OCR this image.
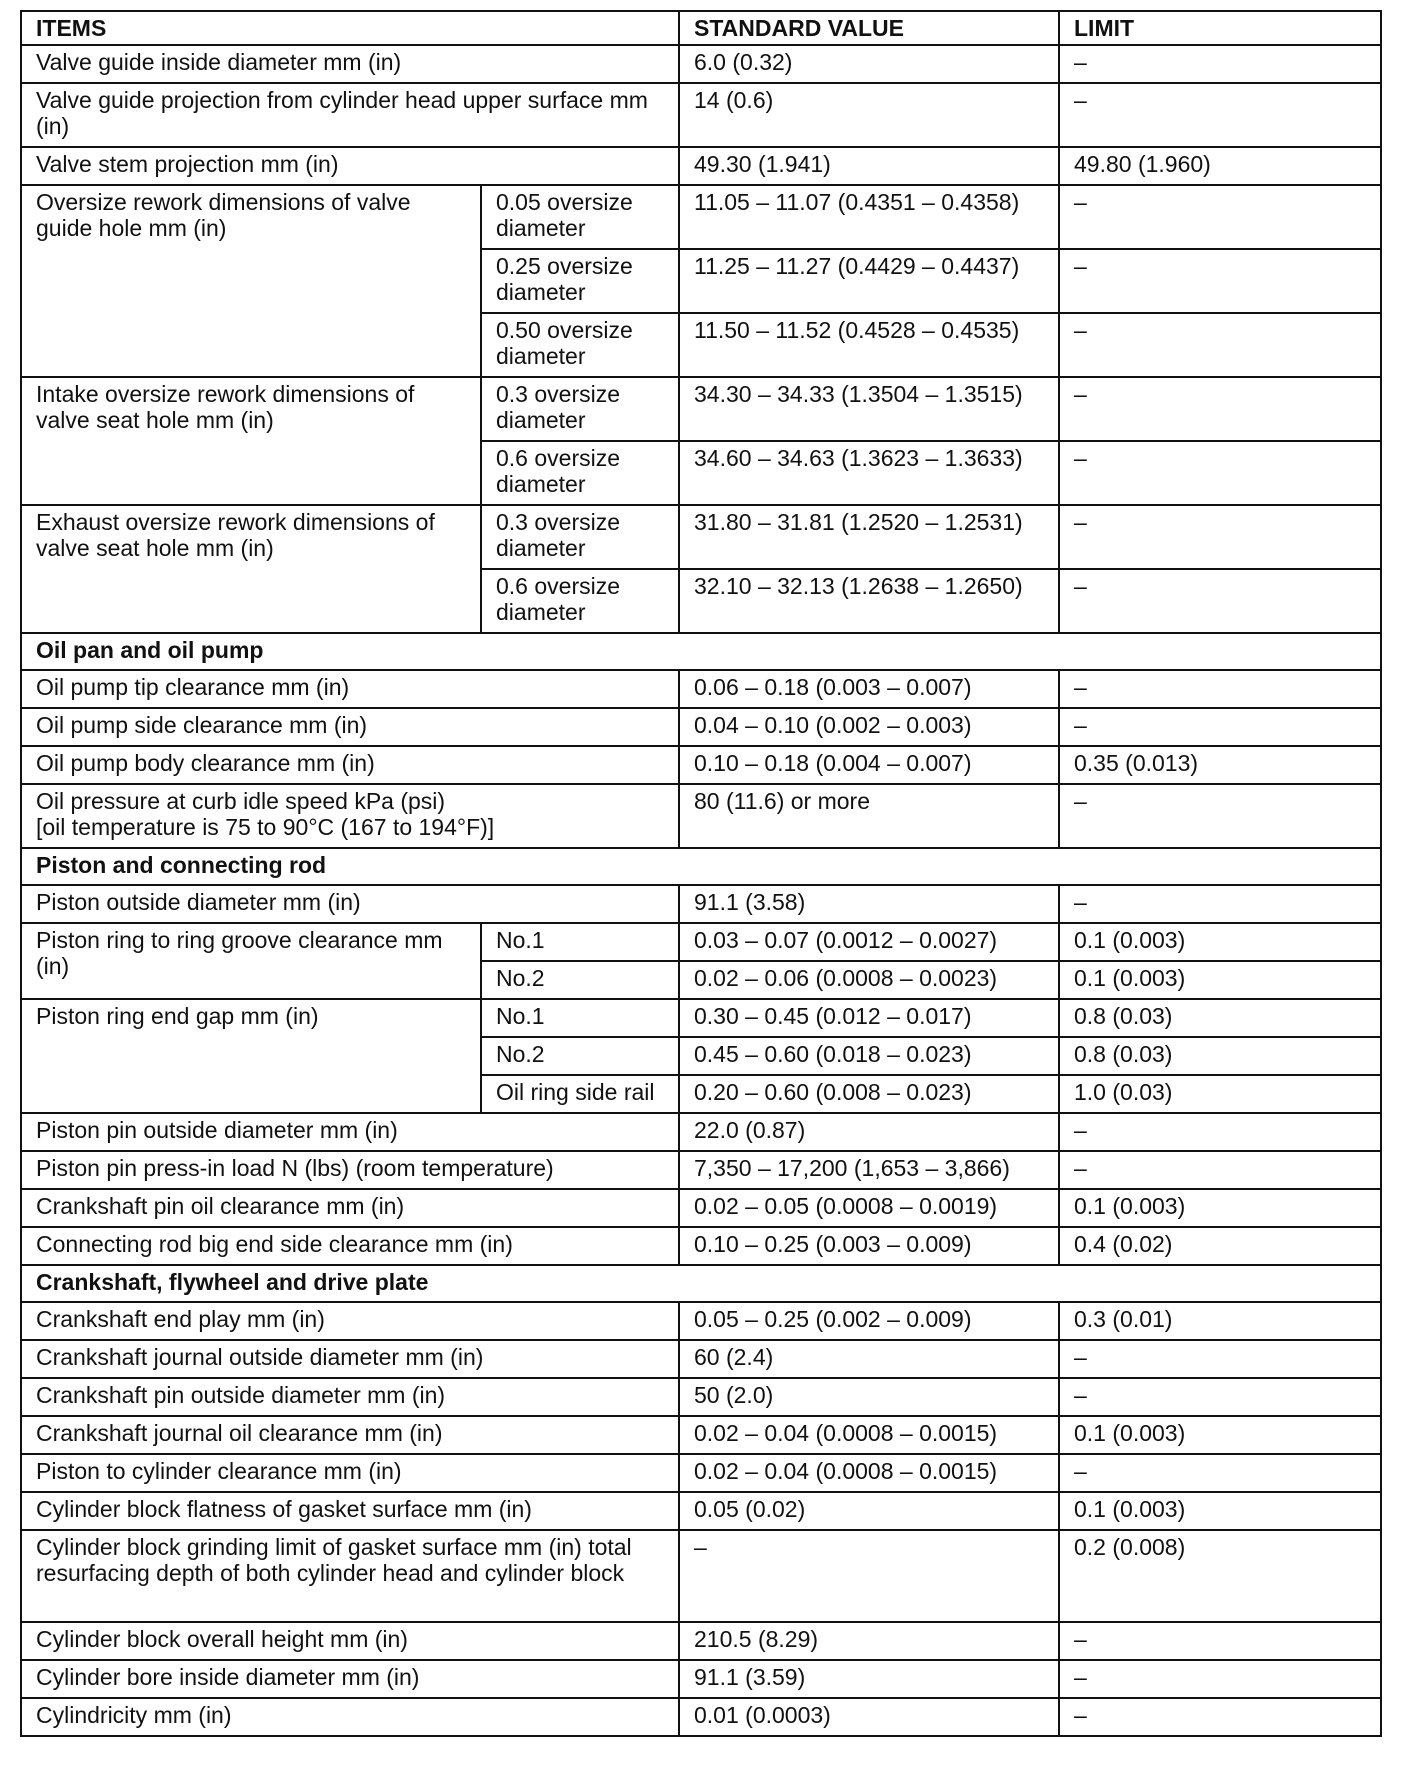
ITEMS		STANDARD VALUE	LIMIT
Valve guide inside diameter mm (in)		6.0 (0.32)	–
Valve guide projection from cylinder head upper surface mm (in)		14 (0.6)	–
Valve stem projection mm (in)		49.30 (1.941)	49.80 (1.960)
Oversize rework dimensions of valve guide hole mm (in)	0.05 oversize diameter	11.05 – 11.07 (0.4351 – 0.4358)	–
	0.25 oversize diameter	11.25 – 11.27 (0.4429 – 0.4437)	–
	0.50 oversize diameter	11.50 – 11.52 (0.4528 – 0.4535)	–
Intake oversize rework dimensions of valve seat hole mm (in)	0.3 oversize diameter	34.30 – 34.33 (1.3504 – 1.3515)	–
	0.6 oversize diameter	34.60 – 34.63 (1.3623 – 1.3633)	–
Exhaust oversize rework dimensions of valve seat hole mm (in)	0.3 oversize diameter	31.80 – 31.81 (1.2520 – 1.2531)	–
	0.6 oversize diameter	32.10 – 32.13 (1.2638 – 1.2650)	–
Oil pan and oil pump			
Oil pump tip clearance mm (in)		0.06 – 0.18 (0.003 – 0.007)	–
Oil pump side clearance mm (in)		0.04 – 0.10 (0.002 – 0.003)	–
Oil pump body clearance mm (in)		0.10 – 0.18 (0.004 – 0.007)	0.35 (0.013)

Oil pressure at curb idle speed kPa (psi)
[oil temperature is 75 to 90°C (167 to 194°F)]		80 (11.6) or more	–
Piston and connecting rod			
Piston outside diameter mm (in)		91.1 (3.58)	–
Piston ring to ring groove clearance mm (in)	No.1	0.03 – 0.07 (0.0012 – 0.0027)	0.1 (0.003)
	No.2	0.02 – 0.06 (0.0008 – 0.0023)	0.1 (0.003)
Piston ring end gap mm (in)	No.1	0.30 – 0.45 (0.012 – 0.017)	0.8 (0.03)
	No.2	0.45 – 0.60 (0.018 – 0.023)	0.8 (0.03)
	Oil ring side rail	0.20 – 0.60 (0.008 – 0.023)	1.0 (0.03)
Piston pin outside diameter mm (in)		22.0 (0.87)	–
Piston pin press-in load N (lbs) (room temperature)		7,350 – 17,200 (1,653 – 3,866)	–
Crankshaft pin oil clearance mm (in)		0.02 – 0.05 (0.0008 – 0.0019)	0.1 (0.003)
Connecting rod big end side clearance mm (in)		0.10 – 0.25 (0.003 – 0.009)	0.4 (0.02)
Crankshaft, flywheel and drive plate			
Crankshaft end play mm (in)		0.05 – 0.25 (0.002 – 0.009)	0.3 (0.01)
Crankshaft journal outside diameter mm (in)		60 (2.4)	–
Crankshaft pin outside diameter mm (in)		50 (2.0)	–
Crankshaft journal oil clearance mm (in)		0.02 – 0.04 (0.0008 – 0.0015)	0.1 (0.003)
Piston to cylinder clearance mm (in)		0.02 – 0.04 (0.0008 – 0.0015)	–
Cylinder block flatness of gasket surface mm (in)		0.05 (0.02)	0.1 (0.003)
Cylinder block grinding limit of gasket surface mm (in) total resurfacing depth of both cylinder head and cylinder block		–	0.2 (0.008)
Cylinder block overall height mm (in)		210.5 (8.29)	–
Cylinder bore inside diameter mm (in)		91.1 (3.59)	–
Cylindricity mm (in)		0.01 (0.0003)	–
